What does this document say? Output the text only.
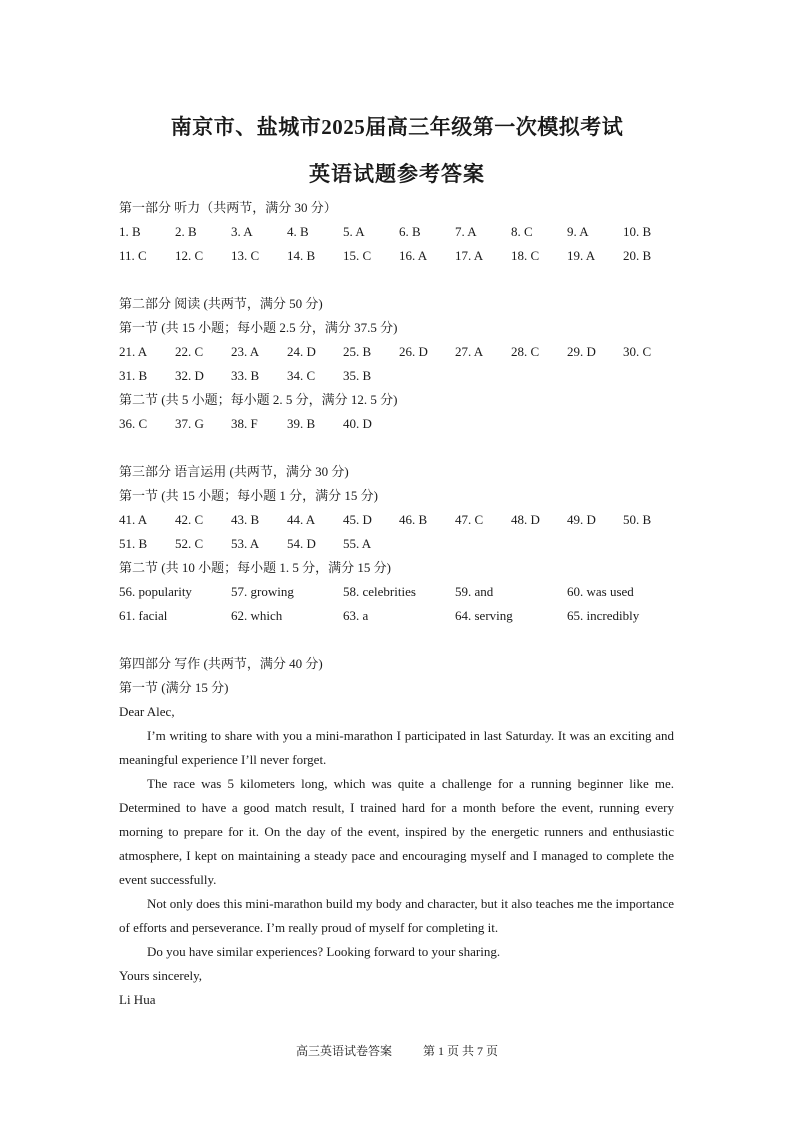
南京市、盐城市2025届高三年级第一次模拟考试
英语试题参考答案
第一部分 听力（共两节，满分 30 分）
1. B	2. B	3. A	4. B	5. A	6. B	7. A	8. C	9. A	10. B
11. C 12. C 13. C 14. B 15. C 16. A 17. A 18. C 19. A 20. B
第二部分 阅读 (共两节，满分 50 分)
第一节 (共 15 小题；每小题 2.5 分，满分 37.5 分)
21. A 22. C 23. A 24. D 25. B 26. D 27. A 28. C 29. D 30. C
31. B 32. D 33. B 34. C 35. B
第二节 (共 5 小题；每小题 2. 5 分，满分 12. 5 分)
36. C 37. G 38. F 39. B 40. D
第三部分 语言运用 (共两节，满分 30 分)
第一节 (共 15 小题；每小题 1 分，满分 15 分)
41. A 42. C 43. B 44. A 45. D 46. B 47. C 48. D 49. D 50. B
51. B 52. C 53. A 54. D 55. A
第二节 (共 10 小题；每小题 1. 5 分，满分 15 分)
56. popularity	57. growing	58. celebrities	59. and	60. was used
61. facial	62. which	63. a	64. serving	65. incredibly
第四部分 写作 (共两节，满分 40 分)
第一节 (满分 15 分)

Dear Alec,

I’m writing to share with you a mini-marathon I participated in last Saturday. It was an exciting and meaningful experience I’ll never forget.

The race was 5 kilometers long, which was quite a challenge for a running beginner like me. Determined to have a good match result, I trained hard for a month before the event, running every morning to prepare for it. On the day of the event, inspired by the energetic runners and enthusiastic atmosphere, I kept on maintaining a steady pace and encouraging myself and I managed to complete the event successfully.

Not only does this mini-marathon build my body and character, but it also teaches me the importance of efforts and perseverance. I’m really proud of myself for completing it.

Do you have similar experiences? Looking forward to your sharing.

Yours sincerely,

Li Hua

高三英语试卷答案	第 1 页 共 7 页
